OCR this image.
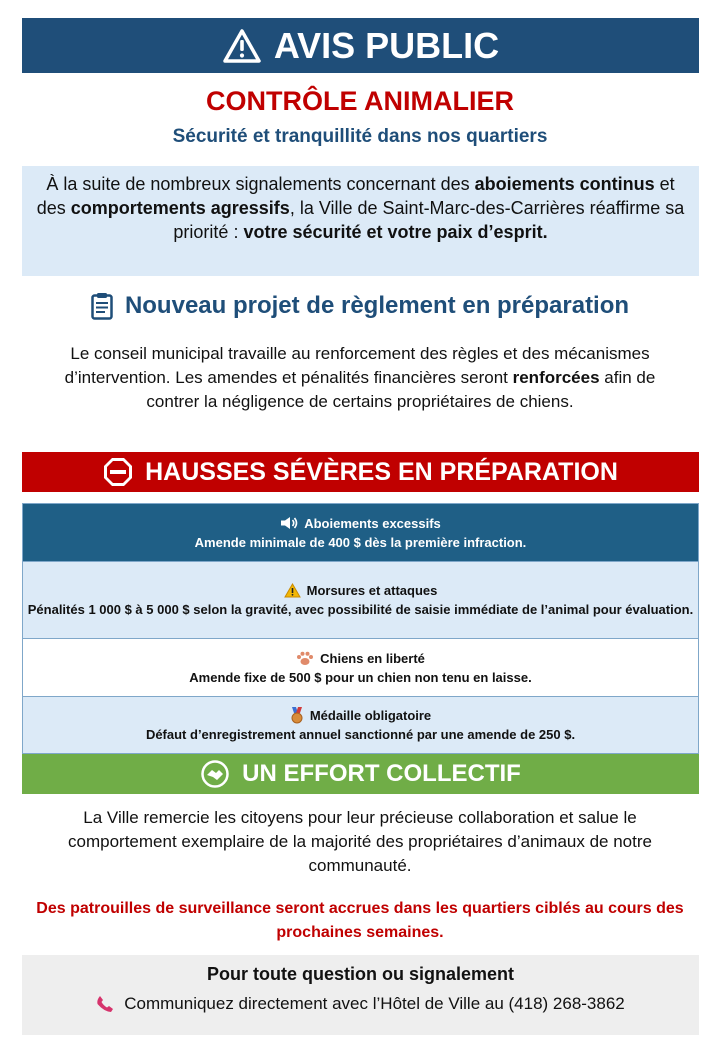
AVIS PUBLIC
CONTRÔLE ANIMALIER
Sécurité et tranquillité dans nos quartiers
À la suite de nombreux signalements concernant des aboiements continus et des comportements agressifs, la Ville de Saint-Marc-des-Carrières réaffirme sa priorité : votre sécurité et votre paix d’esprit.
Nouveau projet de règlement en préparation
Le conseil municipal travaille au renforcement des règles et des mécanismes d’intervention. Les amendes et pénalités financières seront renforcées afin de contrer la négligence de certains propriétaires de chiens.
HAUSSES SÉVÈRES EN PRÉPARATION
Aboiements excessifs
Amende minimale de 400 $ dès la première infraction.
Morsures et attaques
Pénalités 1 000 $ à 5 000 $ selon la gravité, avec possibilité de saisie immédiate de l’animal pour évaluation.
Chiens en liberté
Amende fixe de 500 $ pour un chien non tenu en laisse.
Médaille obligatoire
Défaut d’enregistrement annuel sanctionné par une amende de 250 $.
UN EFFORT COLLECTIF
La Ville remercie les citoyens pour leur précieuse collaboration et salue le comportement exemplaire de la majorité des propriétaires d’animaux de notre communauté.
Des patrouilles de surveillance seront accrues dans les quartiers ciblés au cours des prochaines semaines.
Pour toute question ou signalement
Communiquez directement avec l’Hôtel de Ville au (418) 268-3862
